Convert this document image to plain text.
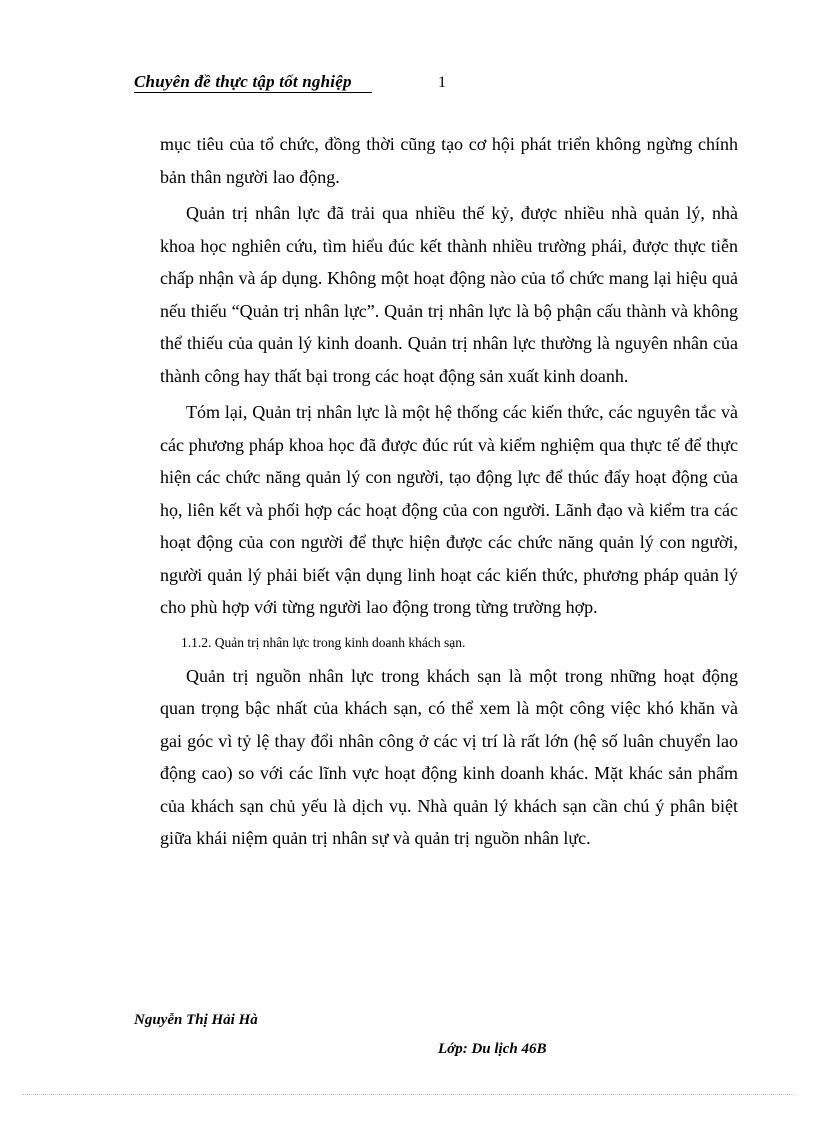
Chuyên đề thực tập tốt nghiệp	1

mục tiêu của tổ chức, đồng thời cũng tạo cơ hội phát triển không ngừng chính bản thân người lao động.

Quản trị nhân lực đã trải qua nhiều thế kỷ, được nhiều nhà quản lý, nhà khoa học nghiên cứu, tìm hiểu đúc kết thành nhiều trường phái, được thực tiễn chấp nhận và áp dụng. Không một hoạt động nào của tổ chức mang lại hiệu quả nếu thiếu “Quản trị nhân lực”. Quản trị nhân lực là bộ phận cấu thành và không thể thiếu của quản lý kinh doanh. Quản trị nhân lực thường là nguyên nhân của thành công hay thất bại trong các hoạt động sản xuất kinh doanh.

Tóm lại, Quản trị nhân lực là một hệ thống các kiến thức, các nguyên tắc và các phương pháp khoa học đã được đúc rút và kiểm nghiệm qua thực tế để thực hiện các chức năng quản lý con người, tạo động lực để thúc đẩy hoạt động của họ, liên kết và phối hợp các hoạt động của con người. Lãnh đạo và kiểm tra các hoạt động của con người để thực hiện được các chức năng quản lý con người, người quản lý phải biết vận dụng linh hoạt các kiến thức, phương pháp quản lý cho phù hợp với từng người lao động trong từng trường hợp.

1.1.2. Quản trị nhân lực trong kinh doanh khách sạn.

Quản trị nguồn nhân lực trong khách sạn là một trong những hoạt động quan trọng bậc nhất của khách sạn, có thể xem là một công việc khó khăn và gai góc vì tỷ lệ thay đổi nhân công ở các vị trí là rất lớn (hệ số luân chuyển lao động cao) so với các lĩnh vực hoạt động kinh doanh khác. Mặt khác sản phẩm của khách sạn chủ yếu là dịch vụ. Nhà quản lý khách sạn cần chú ý phân biệt giữa khái niệm quản trị nhân sự và quản trị nguồn nhân lực.

Nguyễn Thị Hải Hà
Lớp: Du lịch 46B
